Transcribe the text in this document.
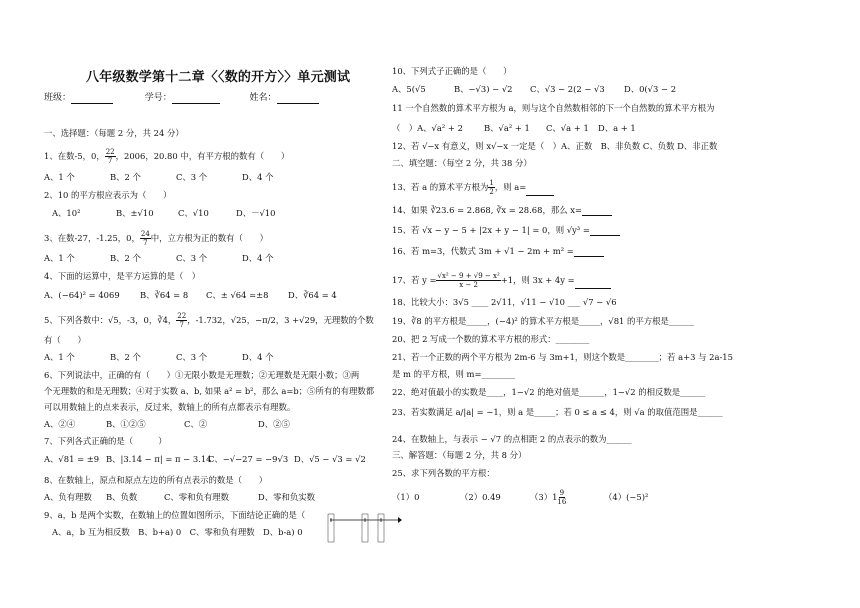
八年级数学第十二章〈〈数的开方〉〉单元测试
班级：	学号：	姓名：
一、选择题：（每题 2 分，共 24 分）
1、在数-5，0， $\frac{22}{7}$ ，2006，20.80 中，有平方根的数有（　　）
A、1 个	B、2 个	C、3 个	D、4 个
2、10 的平方根应表示为（　　）
A、10²	B、±√10	C、√10	D、－√10
3、在数-27，-1.25，0， $\frac{24}{7}$ 中，立方根为正的数有（　　）
A、1 个	B、2 个	C、3 个	D、4 个
4、下面的运算中，是平方运算的是（　）
A、(−64)² = 4069 B、∛64 = 8 C、± √64 =±8 D、∛64 = 4
5、下列各数中：√5，-3，0，∛4， $\frac{22}{7}$ ，-1.732，√25，−π/2，3 +√29，无理数的个数
有（　　）
A、1 个	B、2 个	C、3 个	D、4 个
6、下列说法中，正确的有（　　）①无限小数是无理数；②无理数是无限小数；③两
个无理数的和是无理数；④对于实数 a、b, 如果 a² = b²，那么 a=b；⑤所有的有理数都
可以用数轴上的点来表示，反过来，数轴上的所有点都表示有理数。
A、②④	B、①②⑤	C、②	D、②⑤
7、下列各式正确的是（　　　）
A、√81 = ±9 B、|3.14 − π| = π − 3.14C、−√−27 = −9√3 D、√5 − √3 = √2
8、在数轴上，原点和原点左边的所有点表示的数是（　　）
A、负有理数 B、负数	C、零和负有理数	D、零和负实数
9、a，b 是两个实数，在数轴上的位置如图所示，下面结论正确的是（
A、a，b 互为相反数　B、b+a) 0　C、零和负有理数　D、b-a) 0
10、下列式子正确的是（　　）
A、5(√5	B、−√3) − √2 C、√3 − 2(2 − √3 D、0(√3 − 2
11 一个自然数的算术平方根为 a，则与这个自然数相邻的下一个自然数的算术平方根为
（　）A、√a² + 2	B、√a² + 1 C、√a + 1 D、a + 1
12、若 √−x 有意义，则 x√−x 一定是（　）A、正数　B、非负数 C、负数 D、非正数
二、填空题：（每空 2 分，共 38 分）
13、若 a 的算术平方根为 $\frac{1}{2}$ ，则 a=
14、如果 ∛23.6 = 2.868, ∛x = 28.68，那么 x=
15、若 √x − y − 5 + |2x + y − 1| = 0，则 √y³ =
16、若 m=3，代数式 3m + √1 − 2m + m² =
17、若 $y = \frac{\text{√x² − 9 + √9 − x²}}{x - 2} +1$，则 3x + 4y =
18、比较大小：3√5 ____ 2√11，√11 − √10 ___ √7 − √6
19、∛8 的平方根是_____，(−4)² 的算术平方根是_____，√81 的平方根是______
20、把 2 写成一个数的算术平方根的形式：________
21、若一个正数的两个平方根为 2m-6 与 3m+1，则这个数是________；若 a+3 与 2a-15
是 m 的平方根，则 m=________
22、绝对值最小的实数是____，1−√2 的绝对值是______，1−√2 的相反数是______
23、若实数满足 a/|a| = −1，则 a 是_____；若 0 ≤ a ≤ 4，则 √a 的取值范围是______
24、在数轴上，与表示 − √7 的点相距 2 的点表示的数为______
三、解答题：（每题 2 分，共 8 分）
25、求下列各数的平方根：
（1）0	（2）0.49	$(3)1 \frac{9}{16}$	（4）(−5)²
